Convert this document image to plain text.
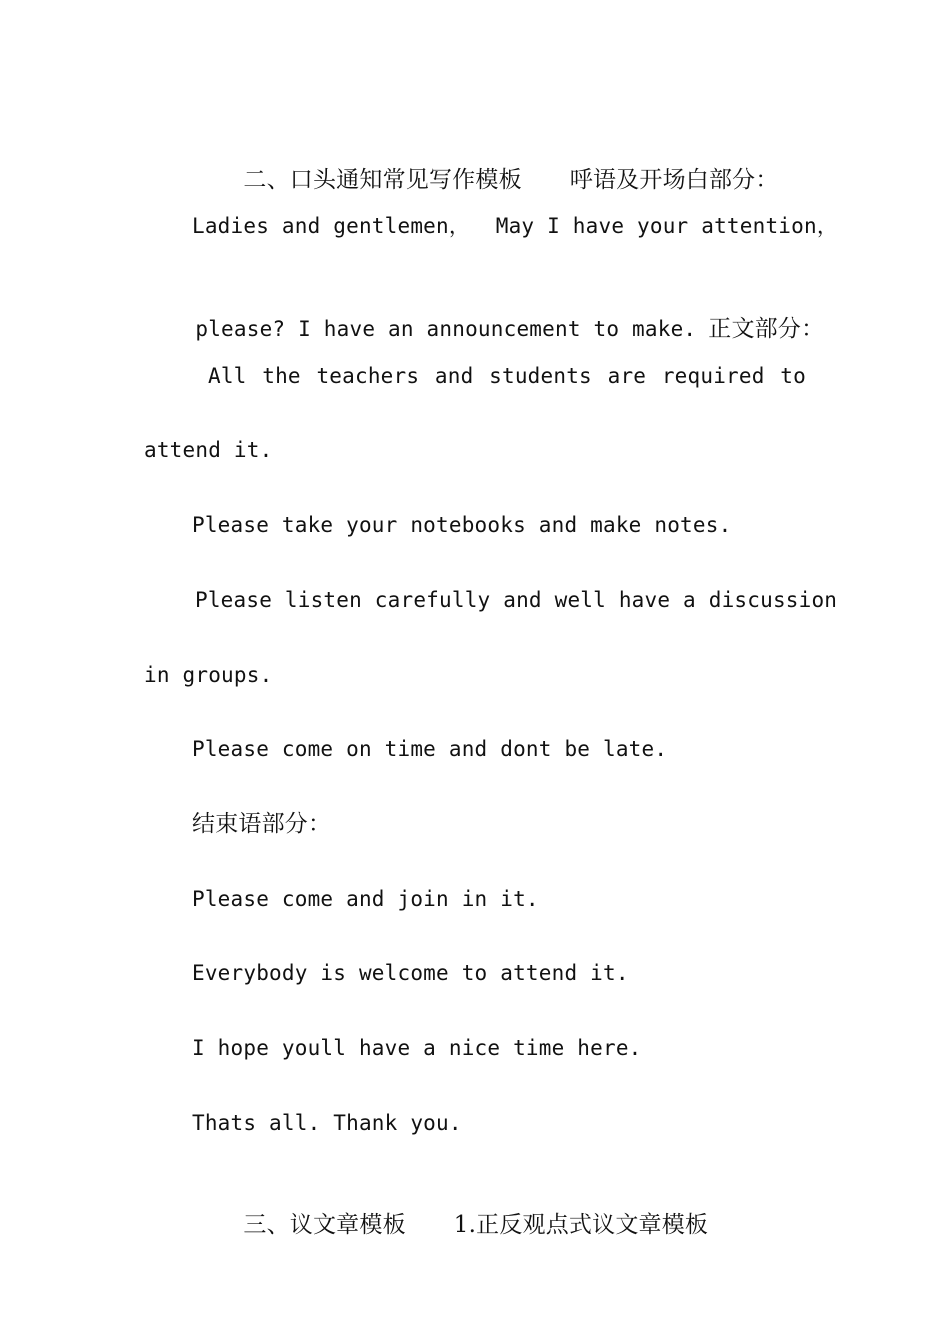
二、口头通知常见写作模板 呼语及开场白部分：

Ladies and gentlemen，  May I have your attention，

please? I have an announcement to make. 正文部分：

All the teachers and students are required to
attend it.
Please take your notebooks and make notes.
Please listen carefully and well have a discussion
in groups.
Please come on time and dont be late.
结束语部分：
Please come and join in it.
Everybody is welcome to attend it.
I hope youll have a nice time here.
Thats all. Thank you.

三、议文章模板 1.正反观点式议文章模板
